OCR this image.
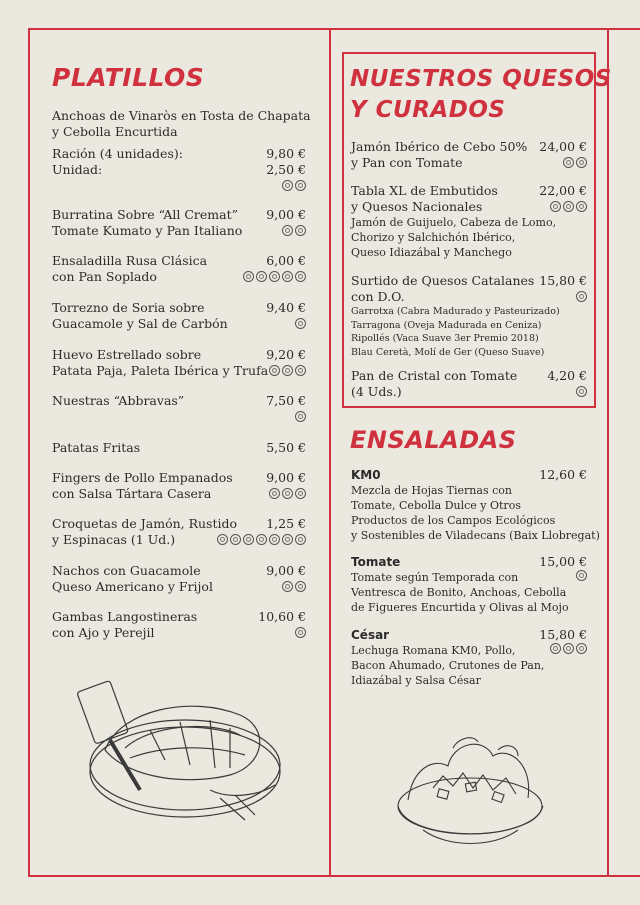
PLATILLOS
Anchoas de Vinaròs en Tosta de Chapata
y Cebolla Encurtida
Ración (4 unidades):
Unidad:
9,80 €
2,50 €
Burratina Sobre “All Cremat”
Tomate Kumato y Pan Italiano
9,00 €
Ensaladilla Rusa Clásica
con Pan Soplado
6,00 €
Torrezno de Soria sobre
Guacamole y Sal de Carbón
9,40 €
Huevo Estrellado sobre
Patata Paja, Paleta Ibérica y Trufa
9,20 €
Nuestras “Abbravas”	7,50 €
Patatas Fritas	5,50 €
Fingers de Pollo Empanados
con Salsa Tártara Casera
9,00 €
Croquetas de Jamón, Rustido
y Espinacas (1 Ud.)
1,25 €
Nachos con Guacamole
Queso Americano y Frijol
9,00 €
Gambas Langostineras
con Ajo y Perejil
10,60 €
NUESTROS QUESOS
Y CURADOS
Jamón Ibérico de Cebo 50%
y Pan con Tomate
24,00 €
Tabla XL de Embutidos
y Quesos Nacionales
Jamón de Guijuelo, Cabeza de Lomo,
Chorizo y Salchichón Ibérico,
Queso Idiazábal y Manchego
22,00 €
Surtido de Quesos Catalanes
con D.O.
Garrotxa (Cabra Madurado y Pasteurizado)
Tarragona (Oveja Madurada en Ceniza)
Ripollés (Vaca Suave 3er Premio 2018)
Blau Ceretà, Molí de Ger (Queso Suave)
15,80 €
Pan de Cristal con Tomate
(4 Uds.)
4,20 €
ENSALADAS
KM0
Mezcla de Hojas Tiernas con
Tomate, Cebolla Dulce y Otros
Productos de los Campos Ecológicos
y Sostenibles de Viladecans (Baix Llobregat)
12,60 €
Tomate
Tomate según Temporada con
Ventresca de Bonito, Anchoas, Cebolla
de Figueres Encurtida y Olivas al Mojo
15,00 €
César
Lechuga Romana KM0, Pollo,
Bacon Ahumado, Crutones de Pan,
Idiazábal y Salsa César
15,80 €
